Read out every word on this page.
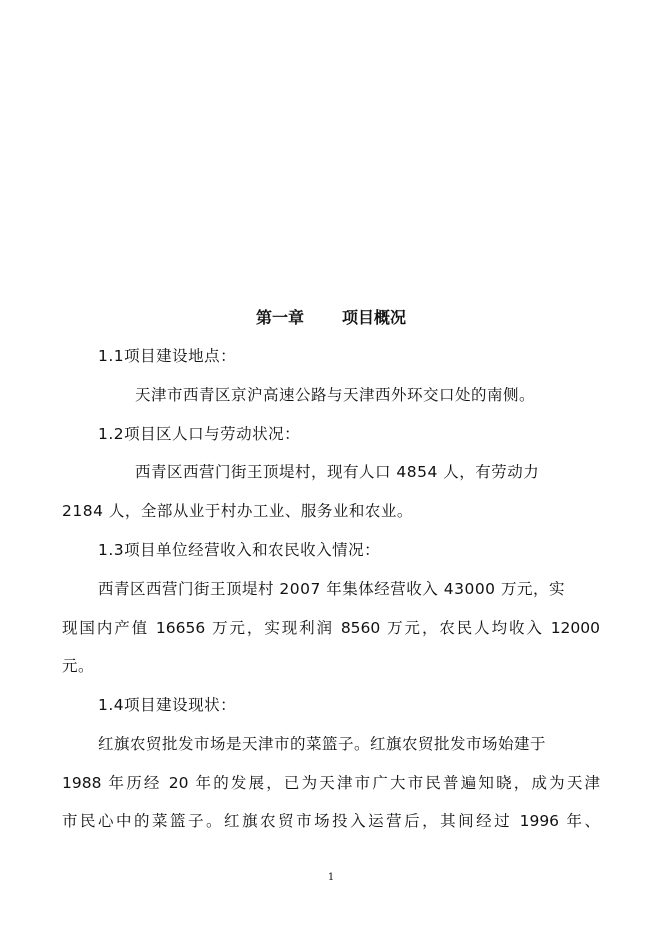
第一章 项目概况
1.1项目建设地点：
天津市西青区京沪高速公路与天津西外环交口处的南侧。
1.2项目区人口与劳动状况：
西青区西营门街王顶堤村，现有人口 4854 人，有劳动力
2184 人，全部从业于村办工业、服务业和农业。
1.3项目单位经营收入和农民收入情况：
西青区西营门街王顶堤村 2007 年集体经营收入 43000 万元，实
现国内产值 16656 万元，实现利润 8560 万元，农民人均收入 12000
元。
1.4项目建设现状：
红旗农贸批发市场是天津市的菜篮子。红旗农贸批发市场始建于
1988 年历经 20 年的发展，已为天津市广大市民普遍知晓，成为天津
市民心中的菜篮子。红旗农贸市场投入运营后，其间经过 1996 年、
1
